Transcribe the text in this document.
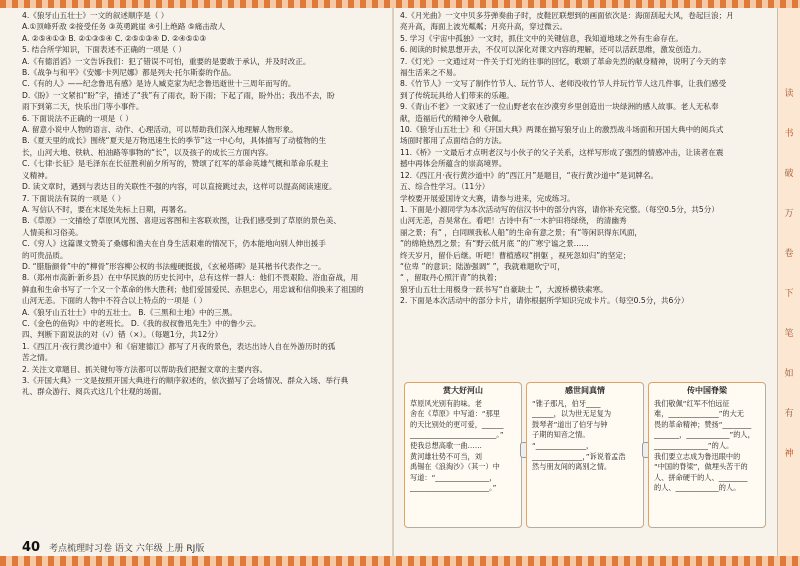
读
书
破
万
卷
下
笔
如
有
神
4.《狼牙山五壮士》一文的叙述顺序是（ ）
A.①顶峰歼敌 ②接受任务 ③英勇跳崖 ④引上绝路 ⑤痛击敌人
A. ②⑤④①③ B. ②①③⑤④ C. ②⑤①③④ D. ②④⑤①③
5. 结合所学知识，下面表述不正确的一项是（ ）
A.《有德滔滔》一文告诉我们：犯了错误不可怕，重要的是要敢于承认，并及时改正。
B.《战争与和平》《安娜·卡列尼娜》都是列夫·托尔斯泰的作品。
C.《有的人》——纪念鲁迅有感》是诗人臧克家为纪念鲁迅逝世十三周年而写的。
D.《盼》一文紧扣“盼”字，描述了“我”有了雨衣，盼下雨；下起了雨，盼外出；我出不去，盼
雨下到第二天，快乐出门等小事件。
6. 下面说法不正确的一项是（ ）
A. 留意小说中人物的语言、动作、心理活动，可以帮助我们深入地理解人物形象。
B.《夏天里的成长》围绕“夏天是万物迅速生长的季节”这一中心句，具体描写了动植物的生
长，山河大地、铁轨、柏油路等事物的“长”，以及孩子的成长三方面内容。
C.《七律·长征》是毛泽东在长征胜利前夕所写的，赞颂了红军的革命英雄气概和革命乐观主
义精神。
D. 读文章时，遇到与表达目的关联性不强的内容，可以直接跳过去，这样可以提高阅读速度。
7. 下面说法有误的一项是（ ）
A. 写信认不时，要在末尾处先标上日期，再署名。
B.《草原》一文描绘了草原风光图、喜迎远客图和主客联欢图，让我们感受到了草原的景色美、
人情美和习俗美。
C.《穷人》这篇课文赞美了桑娜和渔夫在自身生活艰难的情况下，仍本能地向别人伸出援手
的可贵品质。
D. “腊脂颜骨”中的“柳骨”形容柳公权的书法瘦硬挺拔，《玄秘塔碑》是其楷书代表作之一。
8.（郑州市高新·新乡县）在中华民族的历史长河中，总有这样一群人：他们不畏艰险、浴血奋战，用
鲜血和生命书写了一个又一个革命的伟大胜利；他们爱国爱民、赤胆忠心，用忠诚和信仰换来了祖国的
山河无恙。下面的人物中不符合以上特点的一项是（ ）
A.《狼牙山五壮士》中的五壮士。 B.《三黑和土地》中的三黑。
C.《金色的鱼钩》中的老班长。 D.《我的叔叔鲁迅先生》中的鲁少云。
四、判断下面说法的对（√）错（×）。（每题1分，共12分）
1.《西江月·夜行黄沙道中》和《宿建德江》都写了月夜的景色，表达出诗人自在外游历时的孤
苦之情。
2. 关注文章题目、抓关键句等方法都可以帮助我们把握文章的主要内容。
3.《开国大典》一文是按照开国大典进行的顺序叙述的，依次描写了会场情况、群众入场、举行典
礼、群众游行、阅兵式这几个壮观的场面。
4.《月光曲》一文中贝多芬弹奏曲子时，皮鞋匠联想到的画面依次是：海面刮起大风，卷起巨浪；月
亮升高，海面上波光粼粼；月亮升高，穿过微云。
5. 学习《宇宙中孤独》一文时，抓住文中的关键信息，我知道地球之外有生命存在。
6. 阅读的时候思想开去，不仅可以深化对课文内容的理解，还可以活跃思维，激发创造力。
7.《灯光》一文通过对一件关于灯光的往事的回忆，歌颂了革命先烈的献身精神，说明了今天的幸
福生活来之不易。
8.《竹节人》一文写了制作竹节人、玩竹节人、老师没收竹节人并玩竹节人这几件事，让我们感受
到了传统玩具给人们带来的乐趣。
9.《青山不老》一文叙述了一位山野老农在沙漠穷乡里创造出一块绿洲的感人故事。老人无私奉
献，造福后代的精神令人敬佩。
10.《狼牙山五壮士》和《开国大典》两课在描写狼牙山上的激烈战斗场面和开国大典中的阅兵式
场面时都用了点面结合的方法。
11.《桥》一文最后才点明老汉与小伙子的父子关系，这样写形成了强烈的情感冲击，让读者在震
撼中再体会所蕴含的崇高境界。
12.《西江月·夜行黄沙道中》的“西江月”是题目，“夜行黄沙道中”是词牌名。
五、综合性学习。（11分）
学校要开展爱国诗文大赛，请参与进来，完成练习。
1. 下面是小源同学为本次活动写的信汉书中的部分内容，请你补充完整。（每空0.5分，共5分）
山河无恙，吾昊常在。看吧！古诗中有“一木护田将绿绕， 的清幽秀
丽之景；有“ ，白同顾我私人船”的生命有意之景；有“等闲识得东风面，
”的绵艳热烈之景；有“野云低月底 ”的广寒宁谧之景……
终天岁月，留仆后继。听吧！曹植感叹“捐躯 ，视死忽如归”的坚定；
“位卑 ”的意识；陆游强调“ ”，我就难题吹宁可，
“ ，留取丹心照汗青”的执着；
狼牙山五壮士用极身一跃书写“自豪缺士 ”，大渡桥横铁索寒。
2. 下面是本次活动中的部分卡片，请你根据所学知识完成卡片。（每空0.5分，共6分）
赏大好河山
草原风光别有韵味。老
舍在《草原》中写道：“那里
的天比别处的更可爱，______
________________________。”
使我总想高歌一曲……
黄河雄壮势不可当，刘
禹锡在《浪淘沙》（其一）中
写道：“_______________，
______________________。”
感世间真情
“锥子那凡，伯牙____
______，以为世无足复为
鼓琴者”道出了伯牙与钟
子期的知音之情。
“______________，
______________，”诉说着孟浩
然与朋友间的离别之情。
传中国脊梁
我们敬佩“红军不怕远征
难，______________”的大无
畏的革命精神；赞扬“________
_______，____________”的人，
_______________”的人。
我们要立志成为鲁迅眼中的
“中国的脊梁”，做埋头苦干的
人、拼命硬干的人、________
的人、____________的人。
40 考点梳理时习卷 语文 六年级 上册 RJ版
